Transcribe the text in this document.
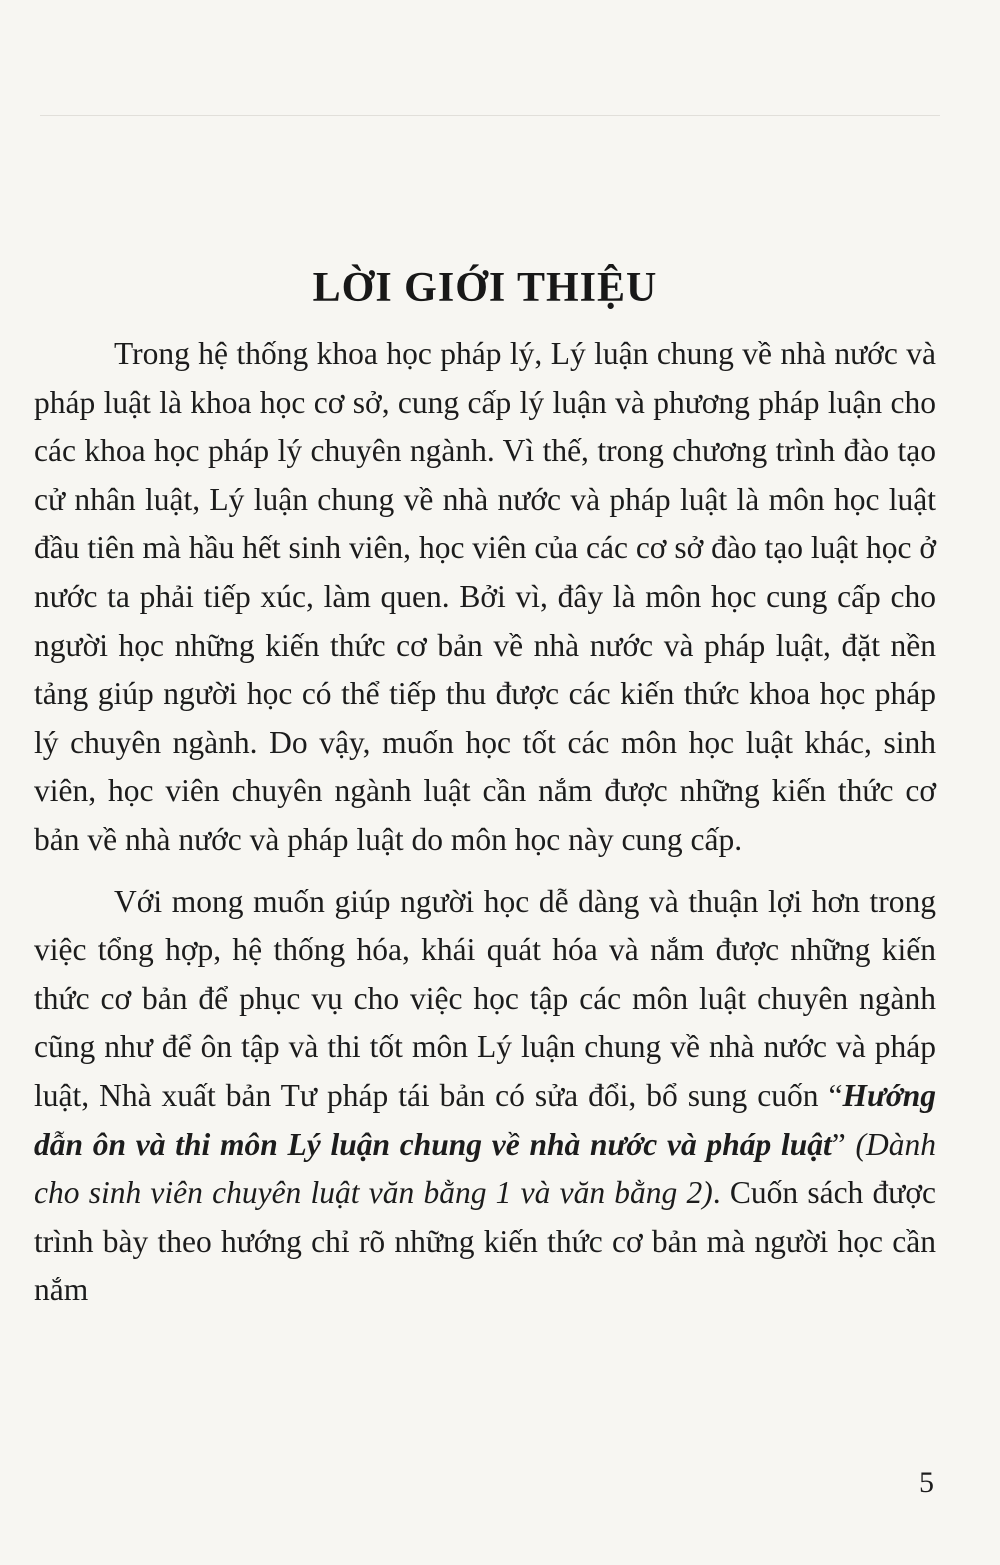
LỜI GIỚI THIỆU

Trong hệ thống khoa học pháp lý, Lý luận chung về nhà nước và pháp luật là khoa học cơ sở, cung cấp lý luận và phương pháp luận cho các khoa học pháp lý chuyên ngành. Vì thế, trong chương trình đào tạo cử nhân luật, Lý luận chung về nhà nước và pháp luật là môn học luật đầu tiên mà hầu hết sinh viên, học viên của các cơ sở đào tạo luật học ở nước ta phải tiếp xúc, làm quen. Bởi vì, đây là môn học cung cấp cho người học những kiến thức cơ bản về nhà nước và pháp luật, đặt nền tảng giúp người học có thể tiếp thu được các kiến thức khoa học pháp lý chuyên ngành. Do vậy, muốn học tốt các môn học luật khác, sinh viên, học viên chuyên ngành luật cần nắm được những kiến thức cơ bản về nhà nước và pháp luật do môn học này cung cấp.

Với mong muốn giúp người học dễ dàng và thuận lợi hơn trong việc tổng hợp, hệ thống hóa, khái quát hóa và nắm được những kiến thức cơ bản để phục vụ cho việc học tập các môn luật chuyên ngành cũng như để ôn tập và thi tốt môn Lý luận chung về nhà nước và pháp luật, Nhà xuất bản Tư pháp tái bản có sửa đổi, bổ sung cuốn “Hướng dẫn ôn và thi môn Lý luận chung về nhà nước và pháp luật” (Dành cho sinh viên chuyên luật văn bằng 1 và văn bằng 2). Cuốn sách được trình bày theo hướng chỉ rõ những kiến thức cơ bản mà người học cần nắm

5
